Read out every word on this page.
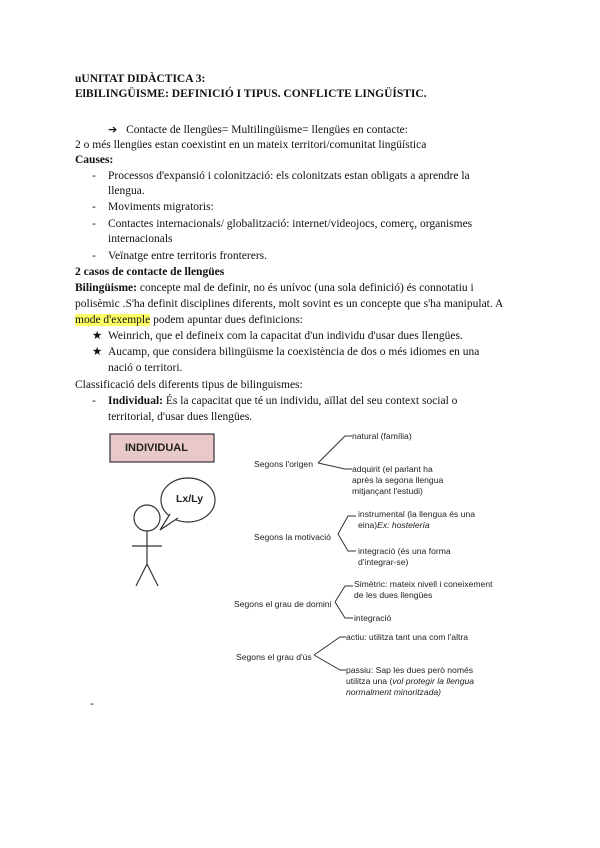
uUNITAT DIDÀCTICA 3:
ElBILINGÜISME: DEFINICIÓ I TIPUS. CONFLICTE LINGÜÍSTIC.
➔ Contacte de llengües= Multilingüisme= llengües en contacte:
2 o més llengües estan coexistint en un mateix territori/comunitat lingüística
Causes:
- Processos d'expansió i colonització: els colonitzats estan obligats a aprendre la
llengua.
- Moviments migratoris:
- Contactes internacionals/ globalització: internet/videojocs, comerç, organismes
internacionals
- Veïnatge entre territoris fronterers.
2 casos de contacte de llengües
Bilingüisme: concepte mal de definir, no és unívoc (una sola definició) és connotatiu i
polisèmic .S'ha definit disciplines diferents, molt sovint es un concepte que s'ha manipulat. A
mode d'exemple podem apuntar dues definicions:
★ Weinrich, que el defineix com la capacitat d'un individu d'usar dues llengües.
★ Aucamp, que considera bilingüisme la coexistència de dos o més idiomes en una
nació o territori.
Classificació dels diferents tipus de bilinguismes:
- Individual: És la capacitat que té un individu, aïllat del seu context social o
territorial, d'usar dues llengües.
INDIVIDUAL
Lx/Ly
Segons l'origen
natural (família)
adquirit (el parlant ha
après la segona llengua
mitjançant l'estudi)
Segons la motivació
instrumental (la llengua és una
eina)Ex: hostelería
integració (és una forma
d'integrar-se)
Segons el grau de domini
Simètric: mateix nivell i coneixement
de les dues llengües
integració
Segons el grau d'ús
actiu: utilitza tant una com l'altra
passiu: Sap les dues però només
utilitza una (vol protegir la llengua
normalment minoritzada)
-
